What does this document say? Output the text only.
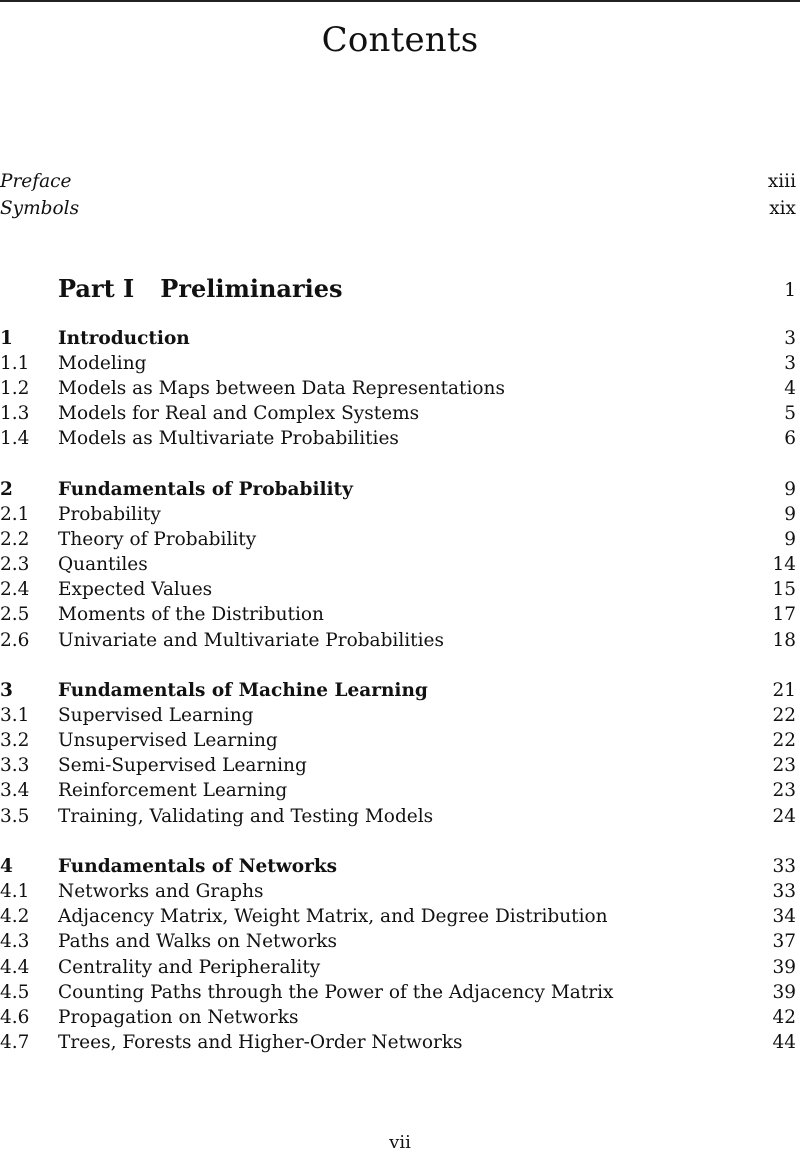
Contents
Preface	xiii
Symbols	xix
Part I Preliminaries	1
1 Introduction	3
1.1 Modeling	3
1.2 Models as Maps between Data Representations	4
1.3 Models for Real and Complex Systems	5
1.4 Models as Multivariate Probabilities	6
2 Fundamentals of Probability	9
2.1 Probability	9
2.2 Theory of Probability	9
2.3 Quantiles	14
2.4 Expected Values	15
2.5 Moments of the Distribution	17
2.6 Univariate and Multivariate Probabilities	18
3 Fundamentals of Machine Learning	21
3.1 Supervised Learning	22
3.2 Unsupervised Learning	22
3.3 Semi-Supervised Learning	23
3.4 Reinforcement Learning	23
3.5 Training, Validating and Testing Models	24
4 Fundamentals of Networks	33
4.1 Networks and Graphs	33
4.2 Adjacency Matrix, Weight Matrix, and Degree Distribution	34
4.3 Paths and Walks on Networks	37
4.4 Centrality and Peripherality	39
4.5 Counting Paths through the Power of the Adjacency Matrix	39
4.6 Propagation on Networks	42
4.7 Trees, Forests and Higher-Order Networks	44
vii
